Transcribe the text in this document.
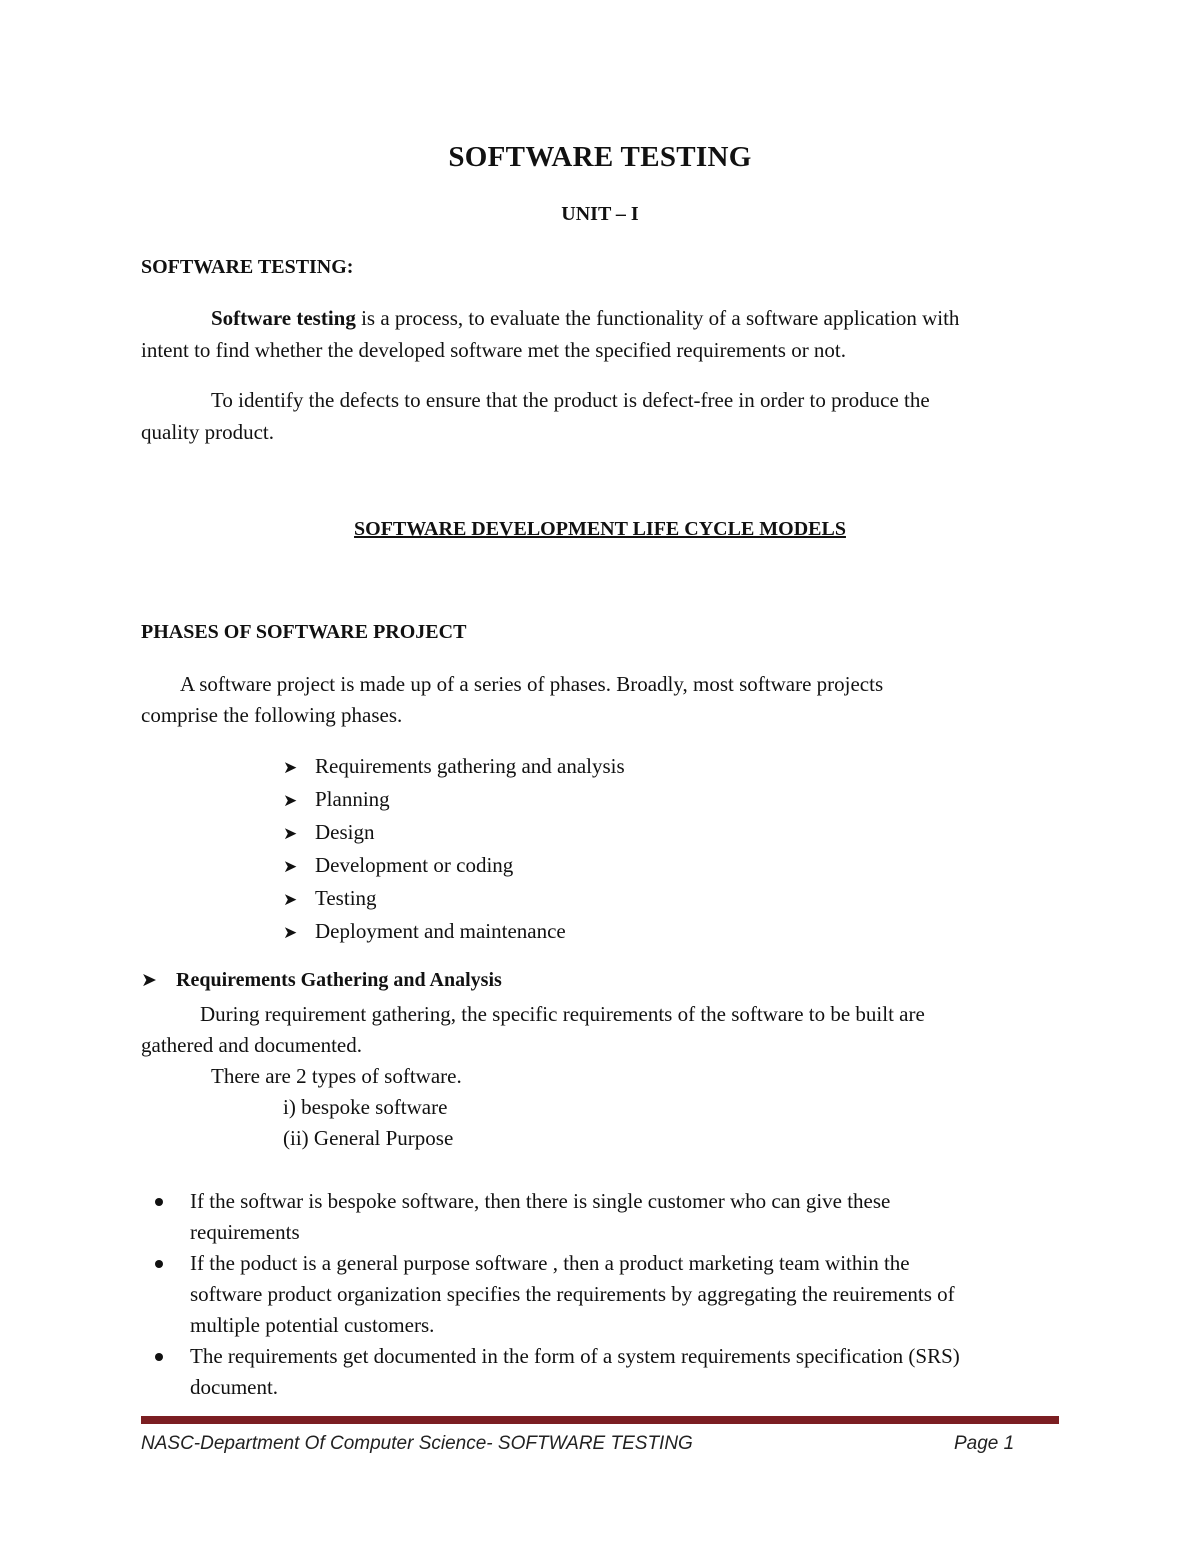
SOFTWARE TESTING
UNIT – I
SOFTWARE TESTING:

Software testing is a process, to evaluate the functionality of a software application with

intent to find whether the developed software met the specified requirements or not.

To identify the defects to ensure that the product is defect-free in order to produce the

quality product.

SOFTWARE DEVELOPMENT LIFE CYCLE MODELS
PHASES OF SOFTWARE PROJECT

A software project is made up of a series of phases. Broadly, most software projects

comprise the following phases.

➤ Requirements gathering and analysis
➤ Planning
➤ Design
➤ Development or coding
➤ Testing
➤ Deployment and maintenance
➤ Requirements Gathering and Analysis

During requirement gathering, the specific requirements of the software to be built are

gathered and documented.

There are 2 types of software.

i) bespoke software

(ii) General Purpose

If the softwar is bespoke software, then there is single customer who can give these
requirements
If the poduct is a general purpose software , then a product marketing team within the
software product organization specifies the requirements by aggregating the reuirements of
multiple potential customers.
The requirements get documented in the form of a system requirements specification (SRS)
document.
NASC-Department Of Computer Science- SOFTWARE TESTING	Page 1
